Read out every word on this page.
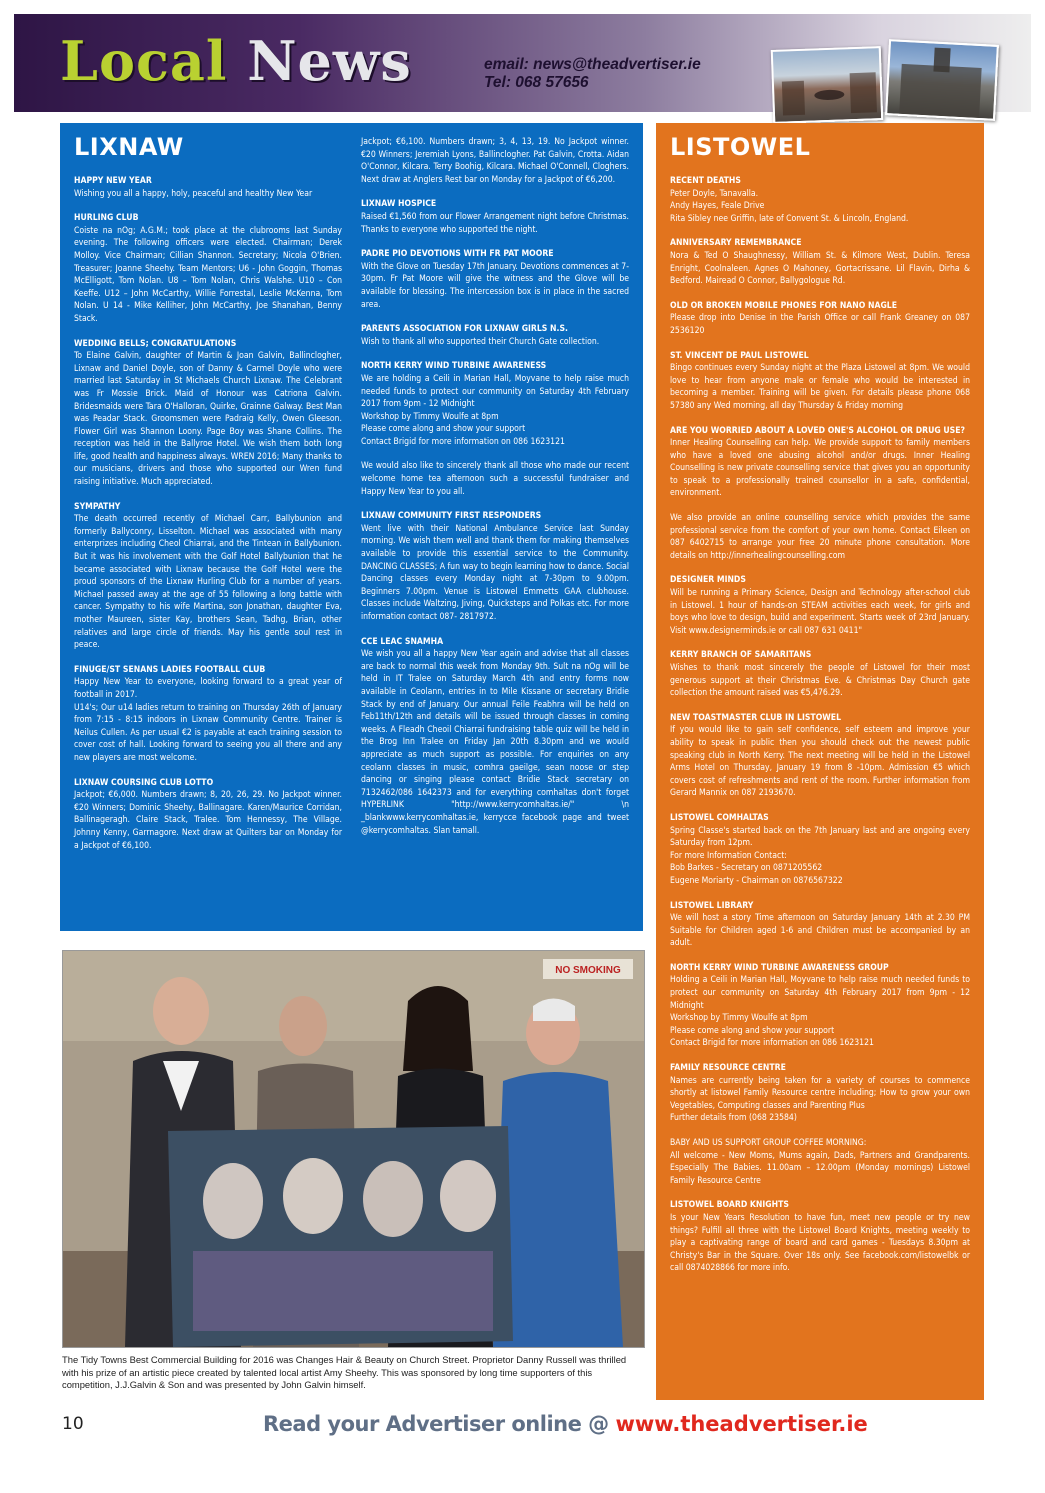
Local News	email: news@theadvertiser.ie
Tel: 068 57656
LIXNAW
HAPPY NEW YEAR

Wishing you all a happy, holy, peaceful and healthy New Year

HURLING CLUB

Coiste na nOg; A.G.M.; took place at the clubrooms last Sunday evening. The following officers were elected. Chairman; Derek Molloy. Vice Chairman; Cillian Shannon. Secretary; Nicola O'Brien. Treasurer; Joanne Sheehy. Team Mentors; U6 - John Goggin, Thomas McElligott, Tom Nolan. U8 – Tom Nolan, Chris Walshe. U10 – Con Keeffe. U12 – John McCarthy, Willie Forrestal, Leslie McKenna, Tom Nolan. U 14 - Mike Kelliher, John McCarthy, Joe Shanahan, Benny Stack.

WEDDING BELLS; CONGRATULATIONS

To Elaine Galvin, daughter of Martin & Joan Galvin, Ballinclogher, Lixnaw and Daniel Doyle, son of Danny & Carmel Doyle who were married last Saturday in St Michaels Church Lixnaw. The Celebrant was Fr Mossie Brick. Maid of Honour was Catriona Galvin. Bridesmaids were Tara O'Halloran, Quirke, Grainne Galway. Best Man was Peadar Stack. Groomsmen were Padraig Kelly, Owen Gleeson. Flower Girl was Shannon Loony. Page Boy was Shane Collins. The reception was held in the Ballyroe Hotel. We wish them both long life, good health and happiness always. WREN 2016; Many thanks to our musicians, drivers and those who supported our Wren fund raising initiative. Much appreciated.

SYMPATHY

The death occurred recently of Michael Carr, Ballybunion and formerly Ballyconry, Lisselton. Michael was associated with many enterprizes including Cheol Chiarrai, and the Tintean in Ballybunion. But it was his involvement with the Golf Hotel Ballybunion that he became associated with Lixnaw because the Golf Hotel were the proud sponsors of the Lixnaw Hurling Club for a number of years. Michael passed away at the age of 55 following a long battle with cancer. Sympathy to his wife Martina, son Jonathan, daughter Eva, mother Maureen, sister Kay, brothers Sean, Tadhg, Brian, other relatives and large circle of friends. May his gentle soul rest in peace.

FINUGE/ST SENANS LADIES FOOTBALL CLUB

Happy New Year to everyone, looking forward to a great year of football in 2017.

U14's; Our u14 ladies return to training on Thursday 26th of January from 7:15 - 8:15 indoors in Lixnaw Community Centre. Trainer is Neilus Cullen. As per usual €2 is payable at each training session to cover cost of hall. Looking forward to seeing you all there and any new players are most welcome.

LIXNAW COURSING CLUB LOTTO

Jackpot; €6,000. Numbers drawn; 8, 20, 26, 29. No Jackpot winner. €20 Winners; Dominic Sheehy, Ballinagare. Karen/Maurice Corridan, Ballinageragh. Claire Stack, Tralee. Tom Hennessy, The Village. Johnny Kenny, Garrnagore. Next draw at Quilters bar on Monday for a Jackpot of €6,100.

Jackpot; €6,100. Numbers drawn; 3, 4, 13, 19. No Jackpot winner. €20 Winners; Jeremiah Lyons, Ballinclogher. Pat Galvin, Crotta. Aidan O'Connor, Kilcara. Terry Boohig, Kilcara. Michael O'Connell, Cloghers. Next draw at Anglers Rest bar on Monday for a Jackpot of €6,200.

LIXNAW HOSPICE

Raised €1,560 from our Flower Arrangement night before Christmas. Thanks to everyone who supported the night.

PADRE PIO DEVOTIONS WITH FR PAT MOORE

With the Glove on Tuesday 17th January. Devotions commences at 7-30pm. Fr Pat Moore will give the witness and the Glove will be available for blessing. The intercession box is in place in the sacred area.

PARENTS ASSOCIATION FOR LIXNAW GIRLS N.S.

Wish to thank all who supported their Church Gate collection.

NORTH KERRY WIND TURBINE AWARENESS

We are holding a Ceili in Marian Hall, Moyvane to help raise much needed funds to protect our community on Saturday 4th February 2017 from 9pm - 12 Midnight

Workshop by Timmy Woulfe at 8pm

Please come along and show your support

Contact Brigid for more information on 086 1623121

We would also like to sincerely thank all those who made our recent welcome home tea afternoon such a successful fundraiser and Happy New Year to you all.

LIXNAW COMMUNITY FIRST RESPONDERS

Went live with their National Ambulance Service last Sunday morning. We wish them well and thank them for making themselves available to provide this essential service to the Community. DANCING CLASSES; A fun way to begin learning how to dance. Social Dancing classes every Monday night at 7-30pm to 9.00pm. Beginners 7.00pm. Venue is Listowel Emmetts GAA clubhouse. Classes include Waltzing, Jiving, Quicksteps and Polkas etc. For more information contact 087- 2817972.

CCE LEAC SNAMHA

We wish you all a happy New Year again and advise that all classes are back to normal this week from Monday 9th. Sult na nOg will be held in IT Tralee on Saturday March 4th and entry forms now available in Ceolann, entries in to Mile Kissane or secretary Bridie Stack by end of January. Our annual Feile Feabhra will be held on Feb11th/12th and details will be issued through classes in coming weeks. A Fleadh Cheoil Chiarrai fundraising table quiz will be held in the Brog Inn Tralee on Friday Jan 20th 8.30pm and we would appreciate as much support as possible. For enquiries on any ceolann classes in music, comhra gaeilge, sean noose or step dancing or singing please contact Bridie Stack secretary on 7132462/086 1642373 and for everything comhaltas don't forget HYPERLINK "http://www.kerrycomhaltas.ie/" \n _blankwww.kerrycomhaltas.ie, kerrycce facebook page and tweet @kerrycomhaltas. Slan tamall.

LISTOWEL
RECENT DEATHS

Peter Doyle, Tanavalla.

Andy Hayes, Feale Drive

Rita Sibley nee Griffin, late of Convent St. & Lincoln, England.

ANNIVERSARY REMEMBRANCE

Nora & Ted O Shaughnessy, William St. & Kilmore West, Dublin. Teresa Enright, Coolnaleen. Agnes O Mahoney, Gortacrissane. Lil Flavin, Dirha & Bedford. Mairead O Connor, Ballygologue Rd.

OLD OR BROKEN MOBILE PHONES FOR NANO NAGLE

Please drop into Denise in the Parish Office or call Frank Greaney on 087 2536120

ST. VINCENT DE PAUL LISTOWEL

Bingo continues every Sunday night at the Plaza Listowel at 8pm. We would love to hear from anyone male or female who would be interested in becoming a member. Training will be given. For details please phone 068 57380 any Wed morning, all day Thursday & Friday morning

ARE YOU WORRIED ABOUT A LOVED ONE'S ALCOHOL OR DRUG USE?

Inner Healing Counselling can help. We provide support to family members who have a loved one abusing alcohol and/or drugs. Inner Healing Counselling is new private counselling service that gives you an opportunity to speak to a professionally trained counsellor in a safe, confidential, environment.

We also provide an online counselling service which provides the same professional service from the comfort of your own home. Contact Eileen on 087 6402715 to arrange your free 20 minute phone consultation. More details on http://innerhealingcounselling.com

DESIGNER MINDS

Will be running a Primary Science, Design and Technology after-school club in Listowel. 1 hour of hands-on STEAM activities each week, for girls and boys who love to design, build and experiment. Starts week of 23rd January. Visit www.designerminds.ie or call 087 631 0411"

KERRY BRANCH OF SAMARITANS

Wishes to thank most sincerely the people of Listowel for their most generous support at their Christmas Eve. & Christmas Day Church gate collection the amount raised was €5,476.29.

NEW TOASTMASTER CLUB IN LISTOWEL

If you would like to gain self confidence, self esteem and improve your ability to speak in public then you should check out the newest public speaking club in North Kerry. The next meeting will be held in the Listowel Arms Hotel on Thursday, January 19 from 8 -10pm. Admission €5 which covers cost of refreshments and rent of the room. Further information from Gerard Mannix on 087 2193670.

LISTOWEL COMHALTAS

Spring Classe's started back on the 7th January last and are ongoing every Saturday from 12pm.

For more Information Contact:

Bob Barkes - Secretary on 0871205562

Eugene Moriarty - Chairman on 0876567322

LISTOWEL LIBRARY

We will host a story Time afternoon on Saturday January 14th at 2.30 PM Suitable for Children aged 1-6 and Children must be accompanied by an adult.

NORTH KERRY WIND TURBINE AWARENESS GROUP

Holding a Ceili in Marian Hall, Moyvane to help raise much needed funds to protect our community on Saturday 4th February 2017 from 9pm - 12 Midnight

Workshop by Timmy Woulfe at 8pm

Please come along and show your support

Contact Brigid for more information on 086 1623121

FAMILY RESOURCE CENTRE

Names are currently being taken for a variety of courses to commence shortly at listowel Family Resource centre including; How to grow your own Vegetables, Computing classes and Parenting Plus

Further details from (068 23584)

BABY AND US SUPPORT GROUP COFFEE MORNING:

All welcome - New Moms, Mums again, Dads, Partners and Grandparents. Especially The Babies. 11.00am – 12.00pm (Monday mornings) Listowel Family Resource Centre

LISTOWEL BOARD KNIGHTS

Is your New Years Resolution to have fun, meet new people or try new things? Fulfill all three with the Listowel Board Knights, meeting weekly to play a captivating range of board and card games - Tuesdays 8.30pm at Christy's Bar in the Square. Over 18s only. See facebook.com/listowelbk or call 0874028866 for more info.

NO SMOKING
The Tidy Towns Best Commercial Building for 2016 was Changes Hair & Beauty on Church Street. Proprietor Danny Russell was thrilled with his prize of an artistic piece created by talented local artist Amy Sheehy. This was sponsored by long time supporters of this competition, J.J.Galvin & Son and was presented by John Galvin himself.
10	Read your Advertiser online @ www.theadvertiser.ie
